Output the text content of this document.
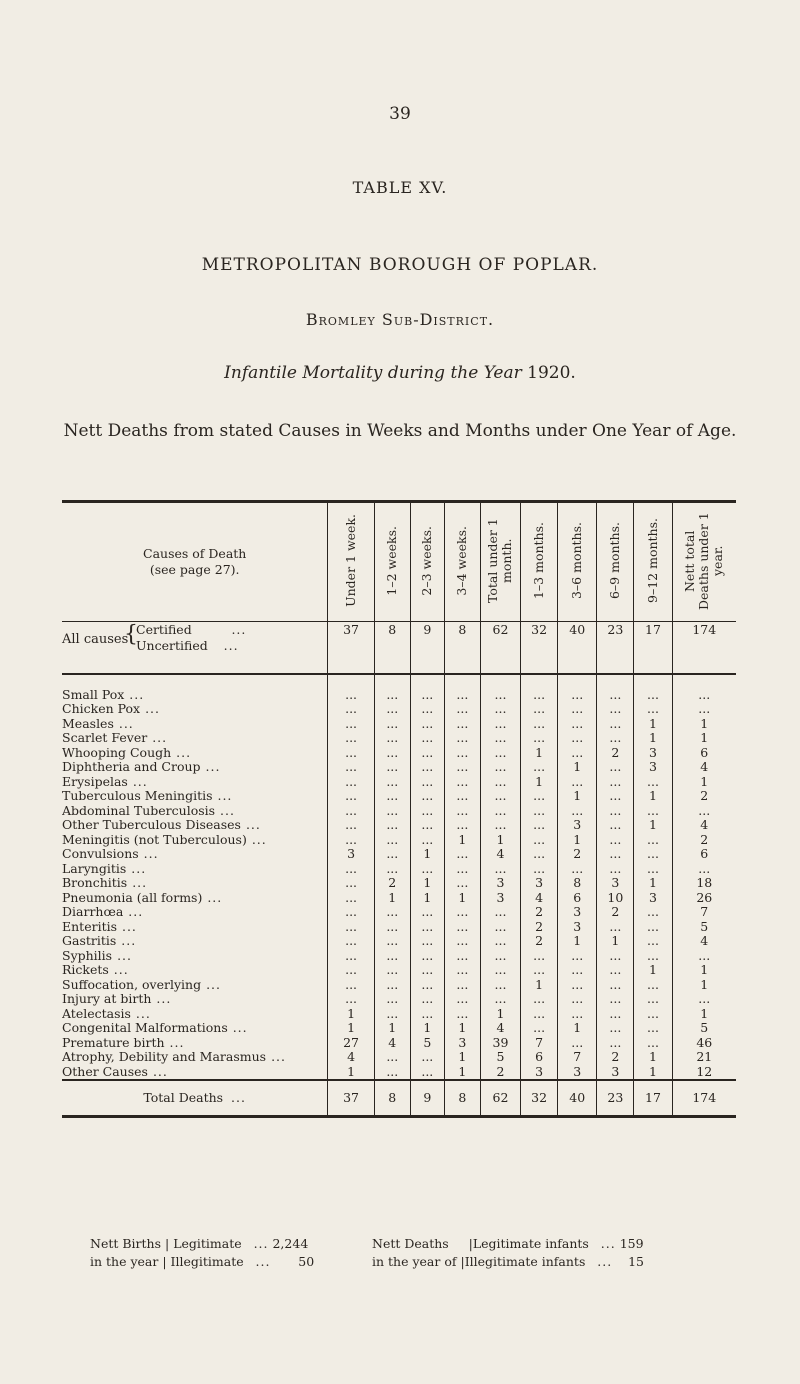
39
TABLE XV.
METROPOLITAN BOROUGH OF POPLAR.
Bromley Sub-District.
Infantile Mortality during the Year 1920.
Nett Deaths from stated Causes in Weeks and Months under One Year of Age.
Causes of Death
(see page 27).	Under 1 week.	1–2 weeks.	2–3 weeks.	3–4 weeks.	Total under 1 month.	1–3 months.	3–6 months.	6–9 months.	9–12 months.	Nett total Deaths under 1 year.

All causes
{
Certified ...
Uncertified ...	37	8	9	8	62	32	40	23	17	174

Small Pox ...	...	...	...	...	...	...	...	...	...	...
Chicken Pox ...	...	...	...	...	...	...	...	...	...	...
Measles ...	...	...	...	...	...	...	...	...	1	1
Scarlet Fever ...	...	...	...	...	...	...	...	...	1	1
Whooping Cough ...	...	...	...	...	...	1	...	2	3	6
Diphtheria and Croup ...	...	...	...	...	...	...	1	...	3	4
Erysipelas ...	...	...	...	...	...	1	...	...	...	1
Tuberculous Meningitis ...	...	...	...	...	...	...	1	...	1	2
Abdominal Tuberculosis ...	...	...	...	...	...	...	...	...	...	...
Other Tuberculous Diseases ...	...	...	...	...	...	...	3	...	1	4
Meningitis (not Tuberculous) ...	...	...	...	1	1	...	1	...	...	2
Convulsions ...	3	...	1	...	4	...	2	...	...	6
Laryngitis ...	...	...	...	...	...	...	...	...	...	...
Bronchitis ...	...	2	1	...	3	3	8	3	1	18
Pneumonia (all forms) ...	...	1	1	1	3	4	6	10	3	26
Diarrhœa ...	...	...	...	...	...	2	3	2	...	7
Enteritis ...	...	...	...	...	...	2	3	...	...	5
Gastritis ...	...	...	...	...	...	2	1	1	...	4
Syphilis ...	...	...	...	...	...	...	...	...	...	...
Rickets ...	...	...	...	...	...	...	...	...	1	1
Suffocation, overlying ...	...	...	...	...	...	1	...	...	...	1
Injury at birth ...	...	...	...	...	...	...	...	...	...	...
Atelectasis ...	1	...	...	...	1	...	...	...	...	1
Congenital Malformations ...	1	1	1	1	4	...	1	...	...	5
Premature birth ...	27	4	5	3	39	7	...	...	...	46
Atrophy, Debility and Marasmus ...	4	...	...	1	5	6	7	2	1	21
Other Causes ...	1	...	...	1	2	3	3	3	1	12
Total Deaths ...	37	8	9	8	62	32	40	23	17	174
Nett Births | Legitimate ... 2,244
in the year | Illegitimate ... 50
Nett Deaths |Legitimate infants ... 159
in the year of |Illegitimate infants ... 15
